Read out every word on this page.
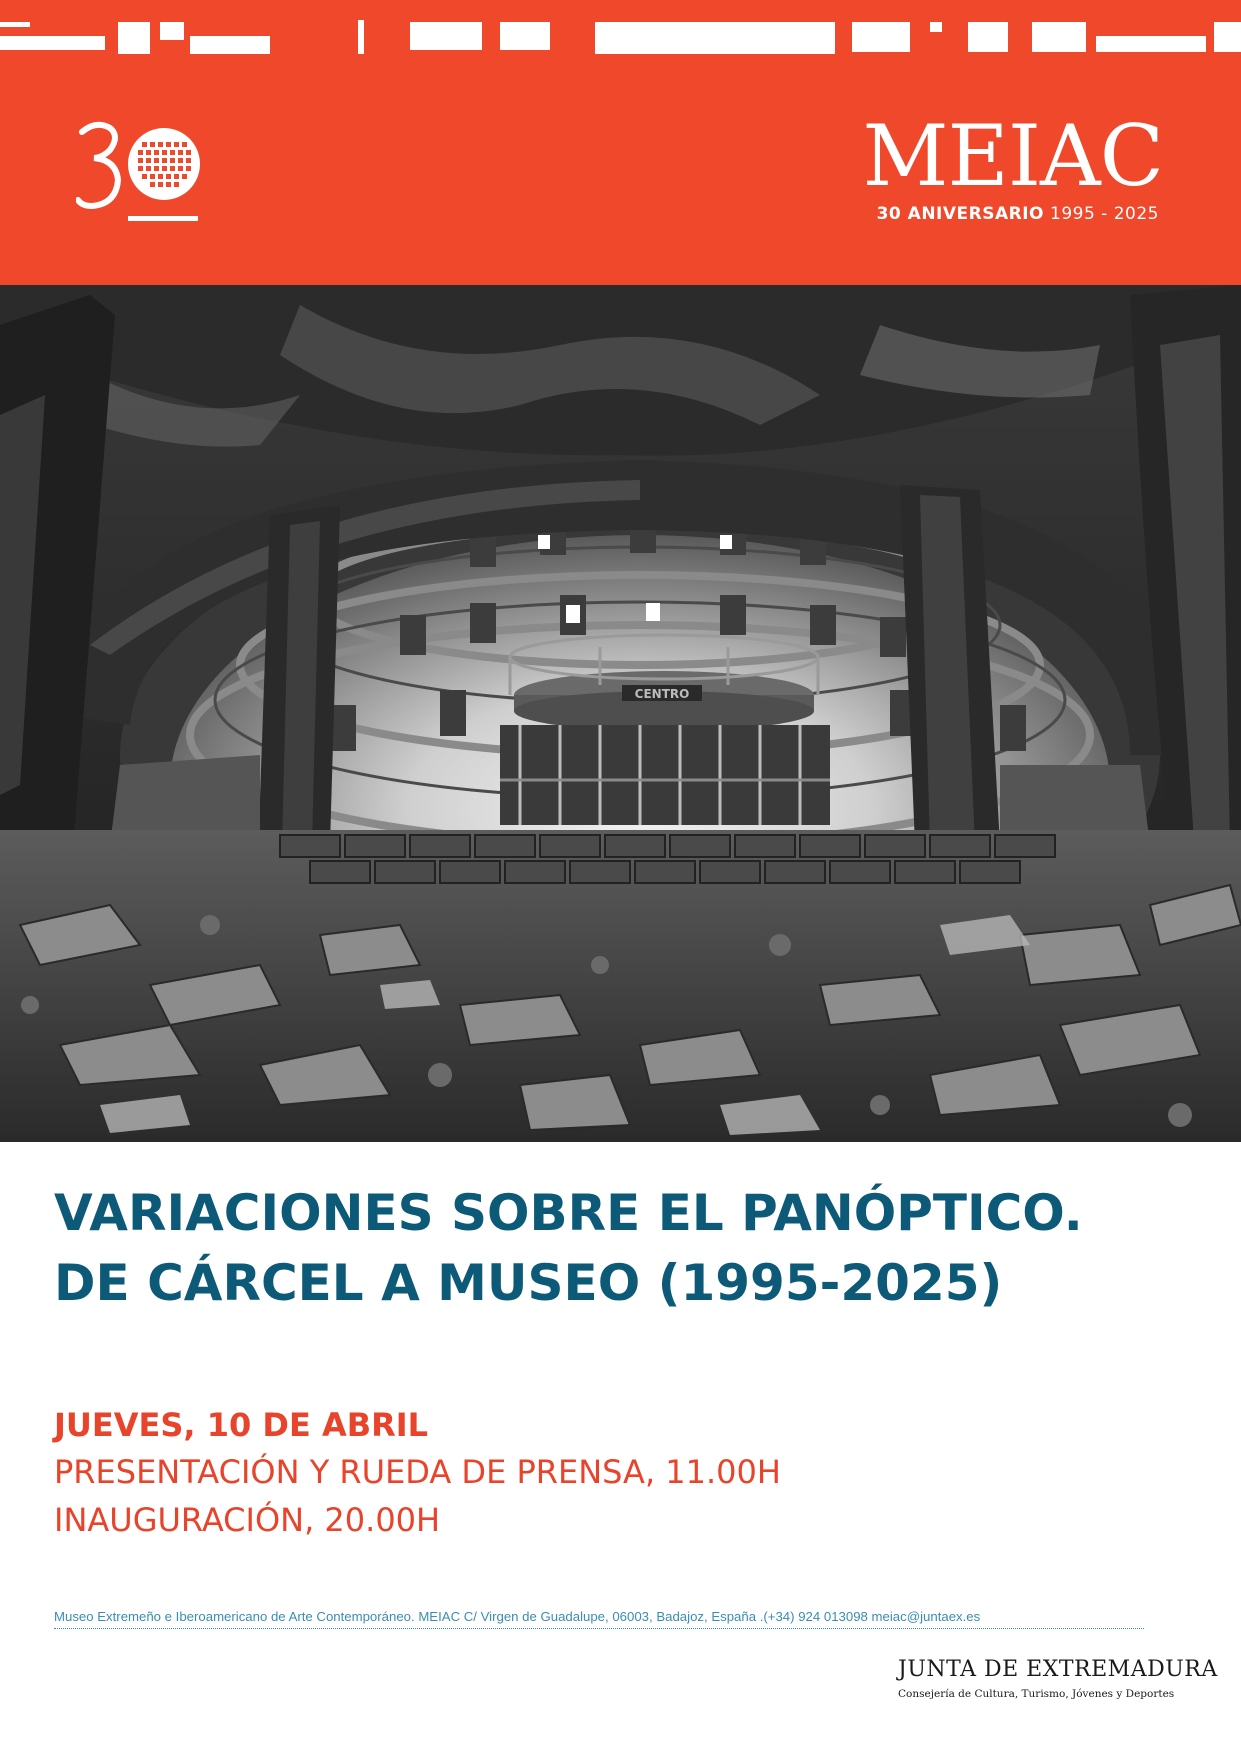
MEIAC
30 ANIVERSARIO 1995 - 2025
CENTRO
VARIACIONES SOBRE EL PANÓPTICO.
DE CÁRCEL A MUSEO (1995-2025)
JUEVES, 10 DE ABRIL
PRESENTACIÓN Y RUEDA DE PRENSA, 11.00H
INAUGURACIÓN, 20.00H
Museo Extremeño e Iberoamericano de Arte Contemporáneo. MEIAC C/ Virgen de Guadalupe, 06003, Badajoz, España .(+34) 924 013098 meiac@juntaex.es
JUNTA DE EXTREMADURA
Consejería de Cultura, Turismo, Jóvenes y Deportes
